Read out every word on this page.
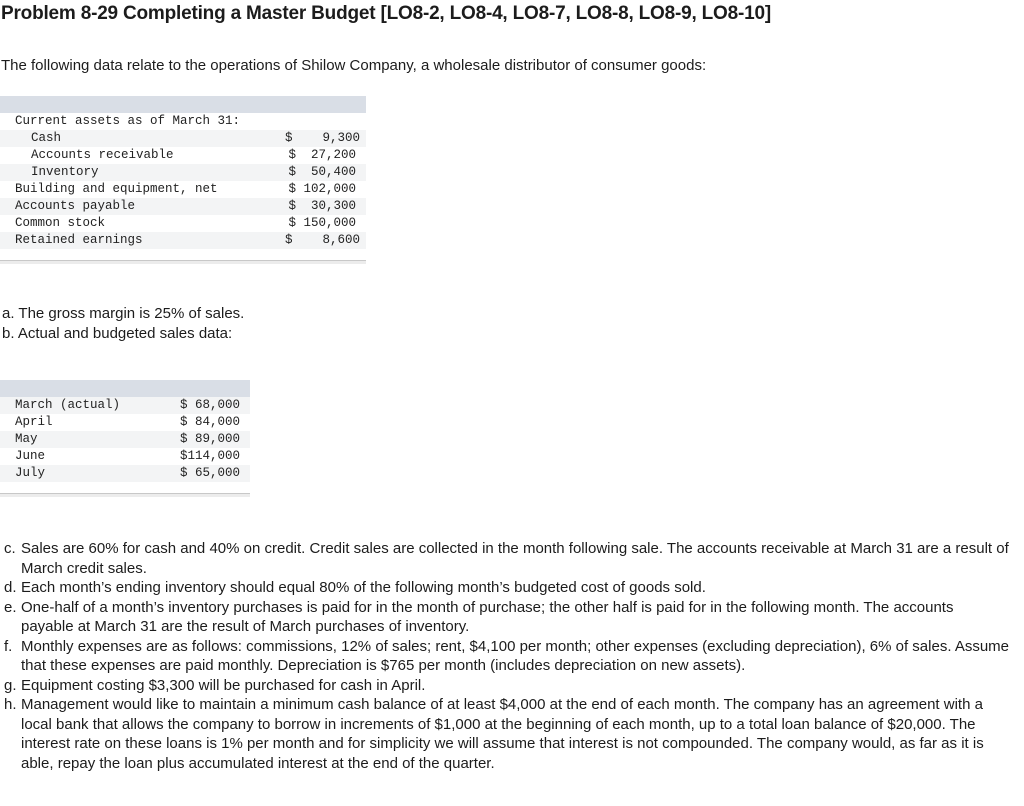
Problem 8-29 Completing a Master Budget [LO8-2, LO8-4, LO8-7, LO8-8, LO8-9, LO8-10]

The following data relate to the operations of Shilow Company, a wholesale distributor of consumer goods:

Current assets as of March 31:
Cash	$    9,300
Accounts receivable	$  27,200
Inventory	$  50,400
Building and equipment, net	$ 102,000
Accounts payable	$  30,300
Common stock	$ 150,000
Retained earnings	$    8,600

a. The gross margin is 25% of sales.

b. Actual and budgeted sales data:

March (actual)	$ 68,000
April	$ 84,000
May	$ 89,000
June	$114,000
July	$ 65,000

c. Sales are 60% for cash and 40% on credit. Credit sales are collected in the month following sale. The accounts receivable at March 31 are a result of March credit sales.

d. Each month’s ending inventory should equal 80% of the following month’s budgeted cost of goods sold.

e. One-half of a month’s inventory purchases is paid for in the month of purchase; the other half is paid for in the following month. The accounts payable at March 31 are the result of March purchases of inventory.

f. Monthly expenses are as follows: commissions, 12% of sales; rent, $4,100 per month; other expenses (excluding depreciation), 6% of sales. Assume that these expenses are paid monthly. Depreciation is $765 per month (includes depreciation on new assets).

g. Equipment costing $3,300 will be purchased for cash in April.

h. Management would like to maintain a minimum cash balance of at least $4,000 at the end of each month. The company has an agreement with a local bank that allows the company to borrow in increments of $1,000 at the beginning of each month, up to a total loan balance of $20,000. The interest rate on these loans is 1% per month and for simplicity we will assume that interest is not compounded. The company would, as far as it is able, repay the loan plus accumulated interest at the end of the quarter.
